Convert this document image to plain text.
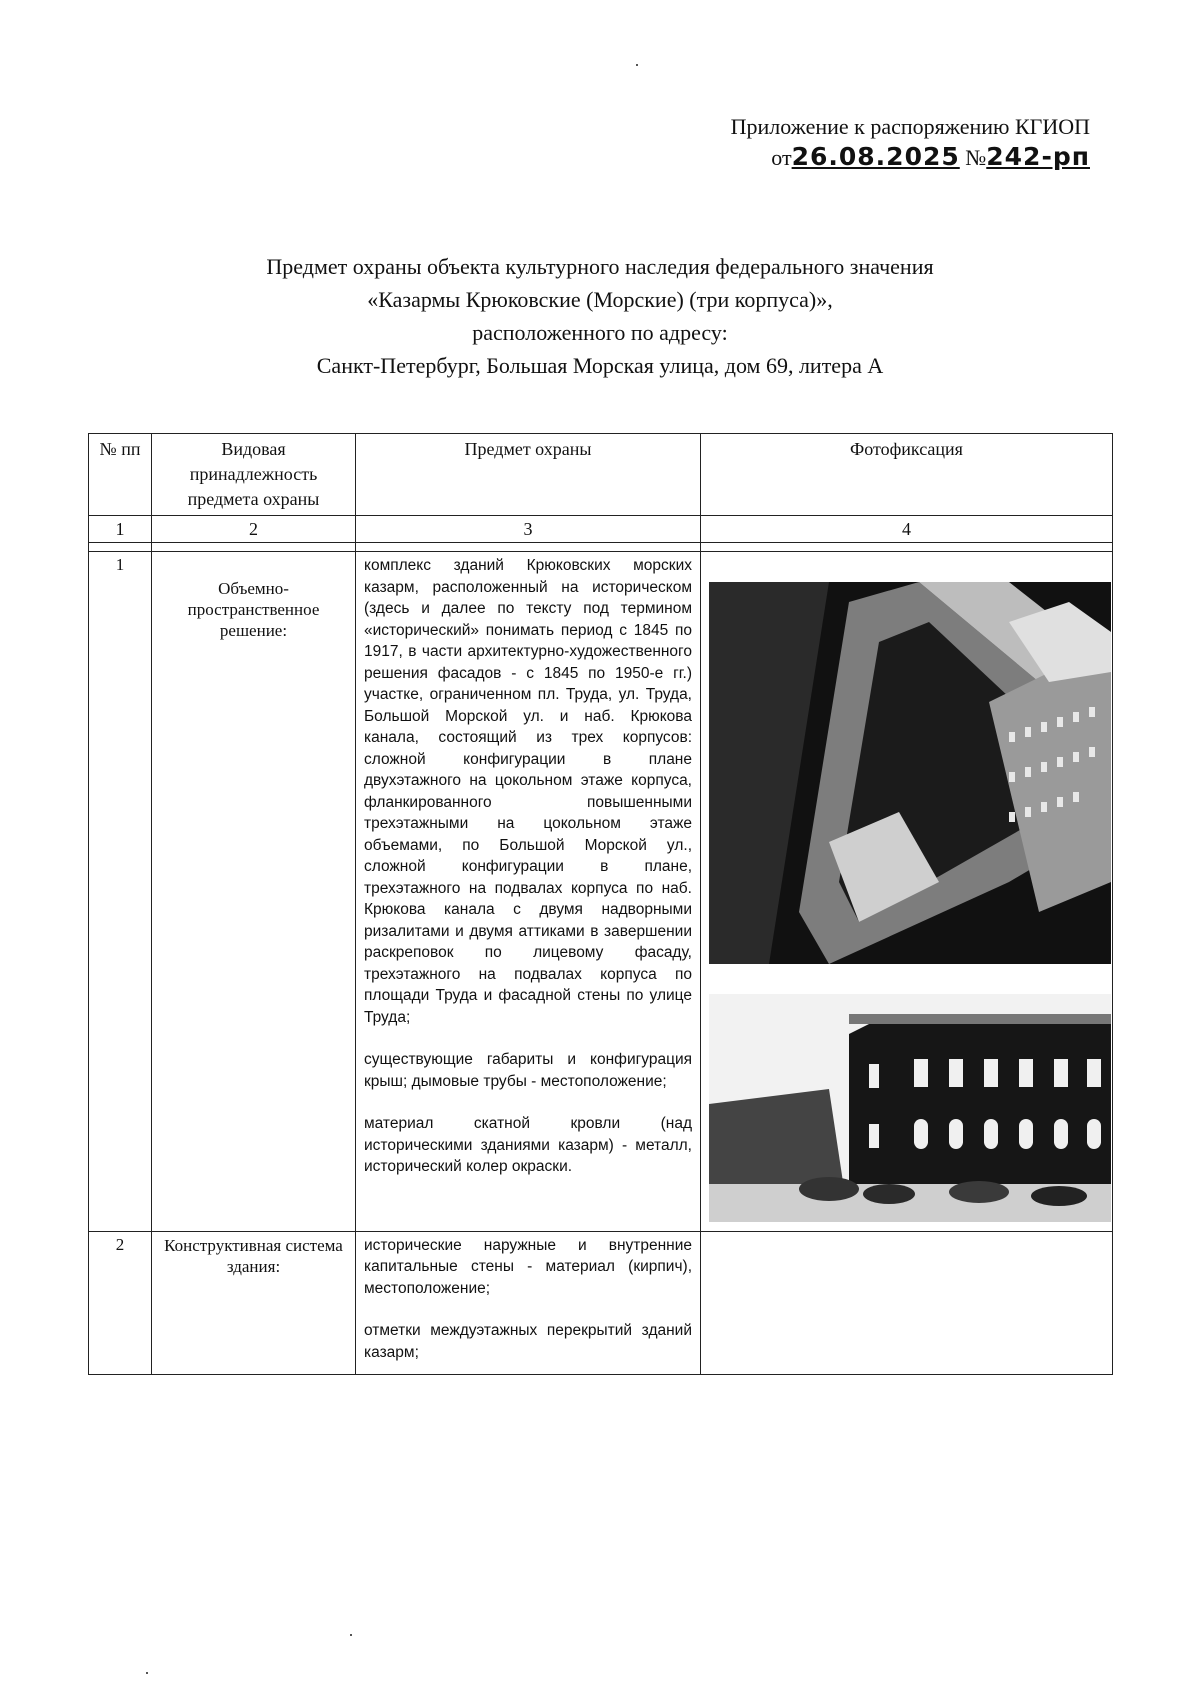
Приложение к распоряжению КГИОП
от26.08.2025 №242-рп
Предмет охраны объекта культурного наследия федерального значения
«Казармы Крюковские (Морские) (три корпуса)»,
расположенного по адресу:
Санкт-Петербург, Большая Морская улица, дом 69, литера А
№ пп	Видовая принадлежность предмета охраны	Предмет охраны	Фотофиксация
1	2	3	4

1	Объемно-пространственное решение:	комплекс зданий Крюковских морских казарм, расположенный на историческом (здесь и далее по тексту под термином «исторический» понимать период с 1845 по 1917, в части архитектурно-художественного решения фасадов - с 1845 по 1950-е гг.) участке, ограниченном пл. Труда, ул. Труда, Большой Морской ул. и наб. Крюкова канала, состоящий из трех корпусов: сложной конфигурации в плане двухэтажного на цокольном этаже корпуса, фланкированного повышенными трехэтажными на цокольном этаже объемами, по Большой Морской ул., сложной конфигурации в плане, трехэтажного на подвалах корпуса по наб. Крюкова канала с двумя надворными ризалитами и двумя аттиками в завершении раскреповок по лицевому фасаду, трехэтажного на подвалах корпуса по площади Труда и фасадной стены по улице Труда;

существующие габариты и конфигурация крыш; дымовые трубы - местоположение;

материал скатной кровли (над историческими зданиями казарм) - металл, исторический колер окраски.

2	Конструктивная система здания:	исторические наружные и внутренние капитальные стены - материал (кирпич), местоположение;

отметки междуэтажных перекрытий зданий казарм;	
